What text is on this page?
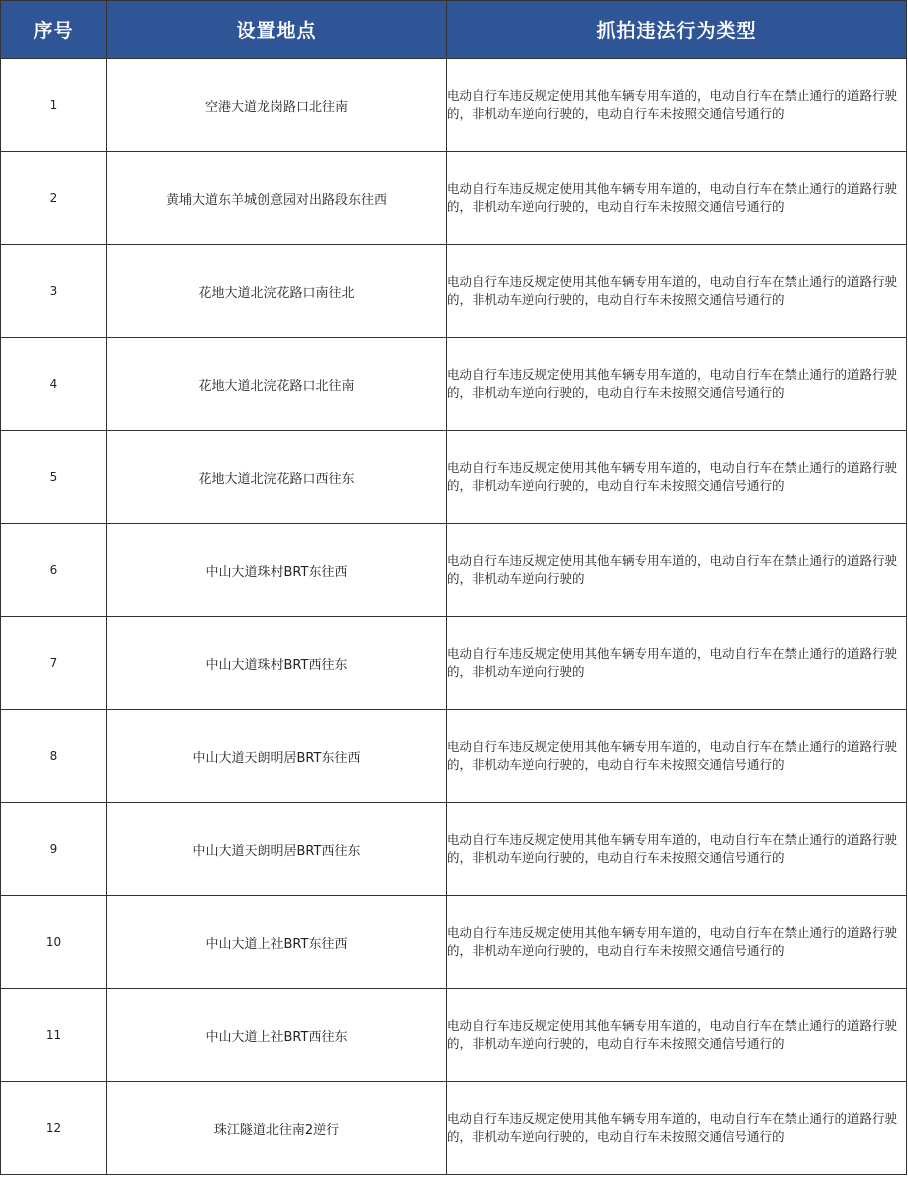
序号	设置地点	抓拍违法行为类型
1	空港大道龙岗路口北往南	电动自行车违反规定使用其他车辆专用车道的，电动自行车在禁止通行的道路行驶的，非机动车逆向行驶的，电动自行车未按照交通信号通行的
2	黄埔大道东羊城创意园对出路段东往西	电动自行车违反规定使用其他车辆专用车道的，电动自行车在禁止通行的道路行驶的，非机动车逆向行驶的，电动自行车未按照交通信号通行的
3	花地大道北浣花路口南往北	电动自行车违反规定使用其他车辆专用车道的，电动自行车在禁止通行的道路行驶的，非机动车逆向行驶的，电动自行车未按照交通信号通行的
4	花地大道北浣花路口北往南	电动自行车违反规定使用其他车辆专用车道的，电动自行车在禁止通行的道路行驶的，非机动车逆向行驶的，电动自行车未按照交通信号通行的
5	花地大道北浣花路口西往东	电动自行车违反规定使用其他车辆专用车道的，电动自行车在禁止通行的道路行驶的，非机动车逆向行驶的，电动自行车未按照交通信号通行的
6	中山大道珠村BRT东往西	电动自行车违反规定使用其他车辆专用车道的，电动自行车在禁止通行的道路行驶的，非机动车逆向行驶的
7	中山大道珠村BRT西往东	电动自行车违反规定使用其他车辆专用车道的，电动自行车在禁止通行的道路行驶的，非机动车逆向行驶的
8	中山大道天朗明居BRT东往西	电动自行车违反规定使用其他车辆专用车道的，电动自行车在禁止通行的道路行驶的，非机动车逆向行驶的，电动自行车未按照交通信号通行的
9	中山大道天朗明居BRT西往东	电动自行车违反规定使用其他车辆专用车道的，电动自行车在禁止通行的道路行驶的，非机动车逆向行驶的，电动自行车未按照交通信号通行的
10	中山大道上社BRT东往西	电动自行车违反规定使用其他车辆专用车道的，电动自行车在禁止通行的道路行驶的，非机动车逆向行驶的，电动自行车未按照交通信号通行的
11	中山大道上社BRT西往东	电动自行车违反规定使用其他车辆专用车道的，电动自行车在禁止通行的道路行驶的，非机动车逆向行驶的，电动自行车未按照交通信号通行的
12	珠江隧道北往南2逆行	电动自行车违反规定使用其他车辆专用车道的，电动自行车在禁止通行的道路行驶的，非机动车逆向行驶的，电动自行车未按照交通信号通行的
